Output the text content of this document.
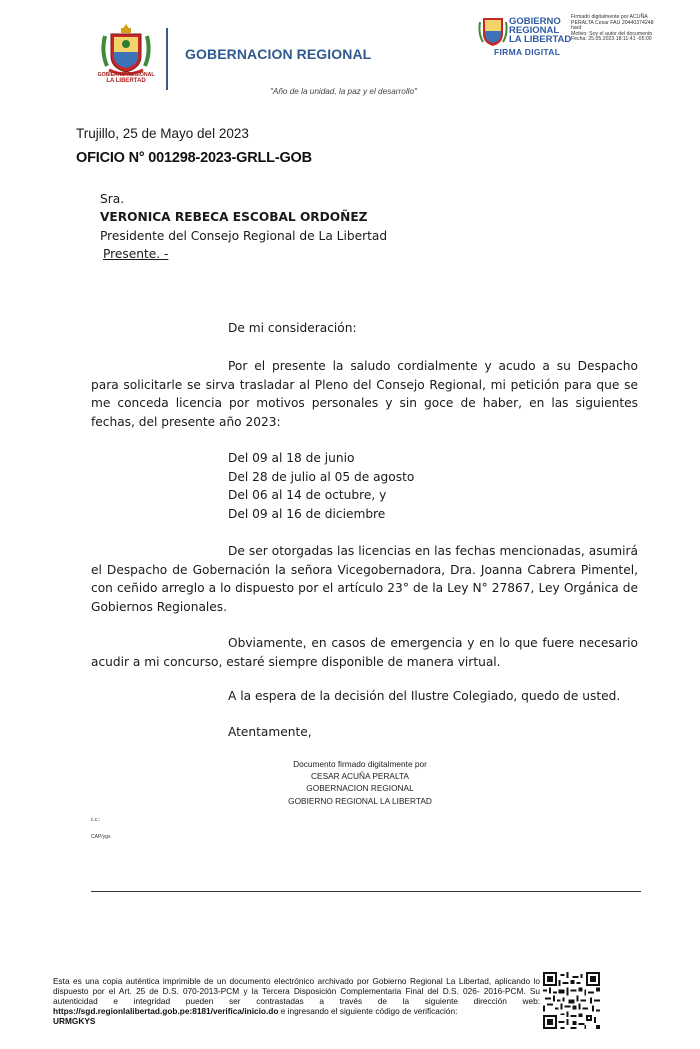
GOBIERNO REGIONAL
LA LIBERTAD
GOBERNACION REGIONAL
"Año de la unidad, la paz y el desarrollo"
GOBIERNO
REGIONAL
LA LIBERTAD
FIRMA DIGITAL
Firmado digitalmente por ACUÑA
PERALTA Cesar FAU 20440374248
hard
Motivo: Soy el autor del documento
Fecha: 25.05.2023 18:11:41 -05:00
Trujillo, 25 de Mayo del 2023
OFICIO N° 001298-2023-GRLL-GOB
Sra.
VERONICA REBECA ESCOBAL ORDOÑEZ
Presidente del Consejo Regional de La Libertad
Presente. -
De mi consideración:
Por el presente la saludo cordialmente y acudo a su Despacho para solicitarle se sirva trasladar al Pleno del Consejo Regional, mi petición para que se me conceda licencia por motivos personales y sin goce de haber, en las siguientes fechas, del presente año 2023:
Del 09 al 18 de junio
Del 28 de julio al 05 de agosto
Del 06 al 14 de octubre, y
Del 09 al 16 de diciembre
De ser otorgadas las licencias en las fechas mencionadas, asumirá el Despacho de Gobernación la señora Vicegobernadora, Dra. Joanna Cabrera Pimentel, con ceñido arreglo a lo dispuesto por el artículo 23° de la Ley N° 27867, Ley Orgánica de Gobiernos Regionales.
Obviamente, en casos de emergencia y en lo que fuere necesario acudir a mi concurso, estaré siempre disponible de manera virtual.
A la espera de la decisión del Ilustre Colegiado, quedo de usted.
Atentamente,
Documento firmado digitalmente por
CESAR ACUÑA PERALTA
GOBERNACION REGIONAL
GOBIERNO REGIONAL LA LIBERTAD
c.c.:
CAP/ygs
Esta es una copia auténtica imprimible de un documento electrónico archivado por Gobierno Regional La Libertad, aplicando lo dispuesto por el Art. 25 de D.S. 070-2013-PCM y la Tercera Disposición Complementaria Final del D.S. 026- 2016-PCM. Su autenticidad e integridad pueden ser contrastadas a través de la siguiente dirección web: https://sgd.regionlalibertad.gob.pe:8181/verifica/inicio.do e ingresando el siguiente código de verificación:
URMGKYS
